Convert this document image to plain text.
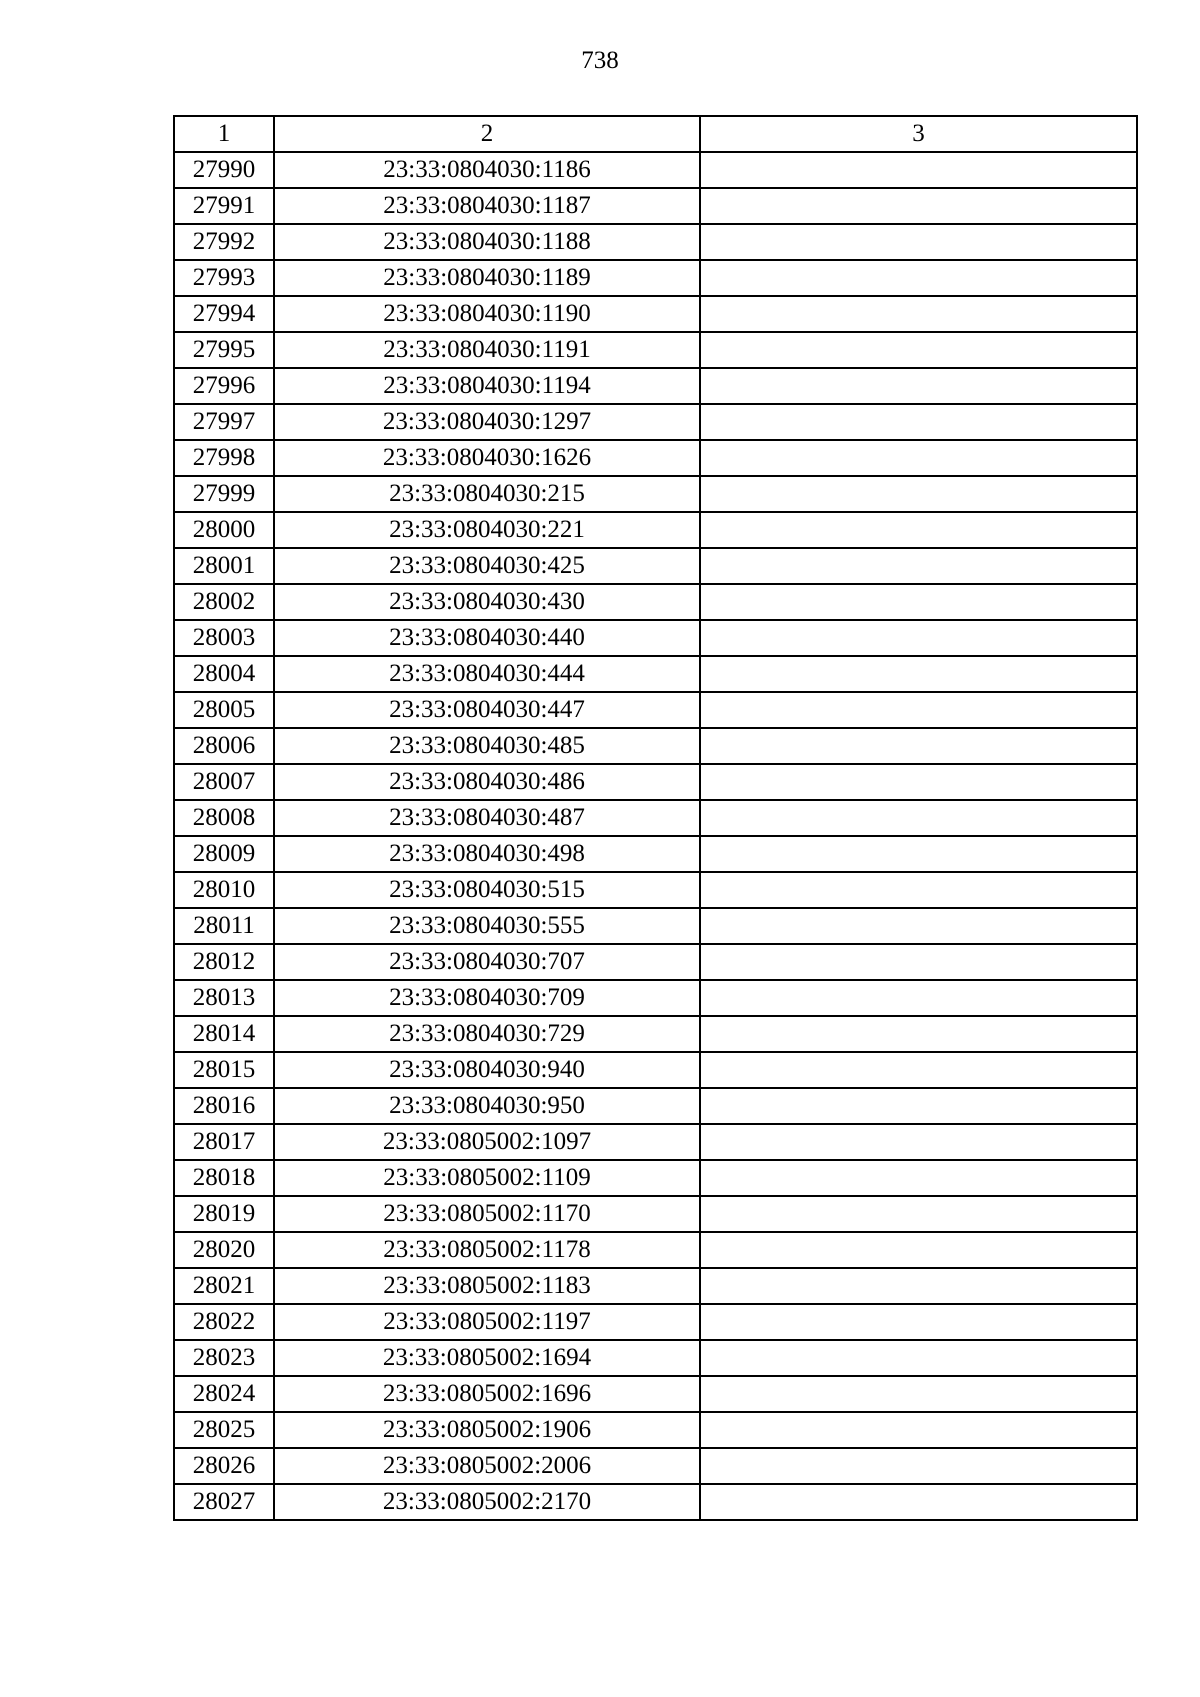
738
1	2	3
27990	23:33:0804030:1186	
27991	23:33:0804030:1187	
27992	23:33:0804030:1188	
27993	23:33:0804030:1189	
27994	23:33:0804030:1190	
27995	23:33:0804030:1191	
27996	23:33:0804030:1194	
27997	23:33:0804030:1297	
27998	23:33:0804030:1626	
27999	23:33:0804030:215	
28000	23:33:0804030:221	
28001	23:33:0804030:425	
28002	23:33:0804030:430	
28003	23:33:0804030:440	
28004	23:33:0804030:444	
28005	23:33:0804030:447	
28006	23:33:0804030:485	
28007	23:33:0804030:486	
28008	23:33:0804030:487	
28009	23:33:0804030:498	
28010	23:33:0804030:515	
28011	23:33:0804030:555	
28012	23:33:0804030:707	
28013	23:33:0804030:709	
28014	23:33:0804030:729	
28015	23:33:0804030:940	
28016	23:33:0804030:950	
28017	23:33:0805002:1097	
28018	23:33:0805002:1109	
28019	23:33:0805002:1170	
28020	23:33:0805002:1178	
28021	23:33:0805002:1183	
28022	23:33:0805002:1197	
28023	23:33:0805002:1694	
28024	23:33:0805002:1696	
28025	23:33:0805002:1906	
28026	23:33:0805002:2006	
28027	23:33:0805002:2170	
